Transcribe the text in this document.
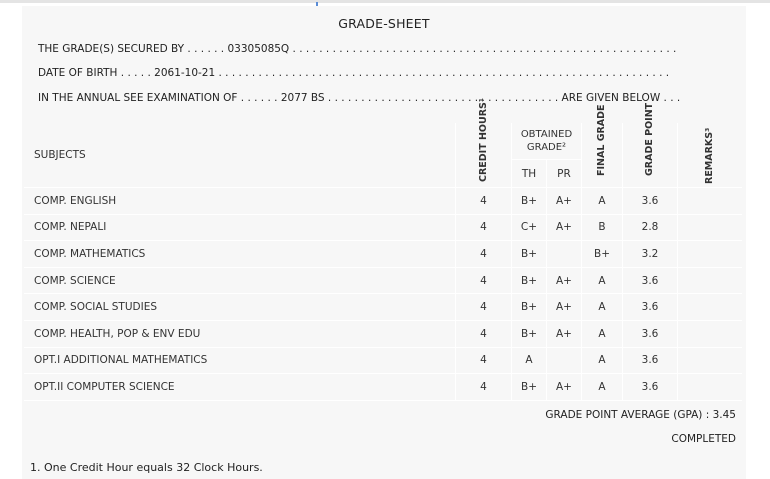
GRADE-SHEET
THE GRADE(S) SECURED BY . . . . . . 03305085Q . . . . . . . . . . . . . . . . . . . . . . . . . . . . . . . . . . . . . . . . . . . . . . . . . . . . . . . . . .
DATE OF BIRTH . . . . . 2061-10-21 . . . . . . . . . . . . . . . . . . . . . . . . . . . . . . . . . . . . . . . . . . . . . . . . . . . . . . . . . . . . . . . . . . . .
IN THE ANNUAL SEE EXAMINATION OF . . . . . . 2077 BS . . . . . . . . . . . . . . . . . . . . . . . . . . . . . . . . . . . ARE GIVEN BELOW . . .
SUBJECTS	CREDIT HOURS¹	OBTAINED GRADE²		FINAL GRADE	GRADE POINT	REMARKS³
		TH	PR			
COMP. ENGLISH	4	B+	A+	A	3.6	
COMP. NEPALI	4	C+	A+	B	2.8	
COMP. MATHEMATICS	4	B+		B+	3.2	
COMP. SCIENCE	4	B+	A+	A	3.6	
COMP. SOCIAL STUDIES	4	B+	A+	A	3.6	
COMP. HEALTH, POP & ENV EDU	4	B+	A+	A	3.6	
OPT.I ADDITIONAL MATHEMATICS	4	A		A	3.6	
OPT.II COMPUTER SCIENCE	4	B+	A+	A	3.6	
GRADE POINT AVERAGE (GPA) : 3.45
COMPLETED
1. One Credit Hour equals 32 Clock Hours.
